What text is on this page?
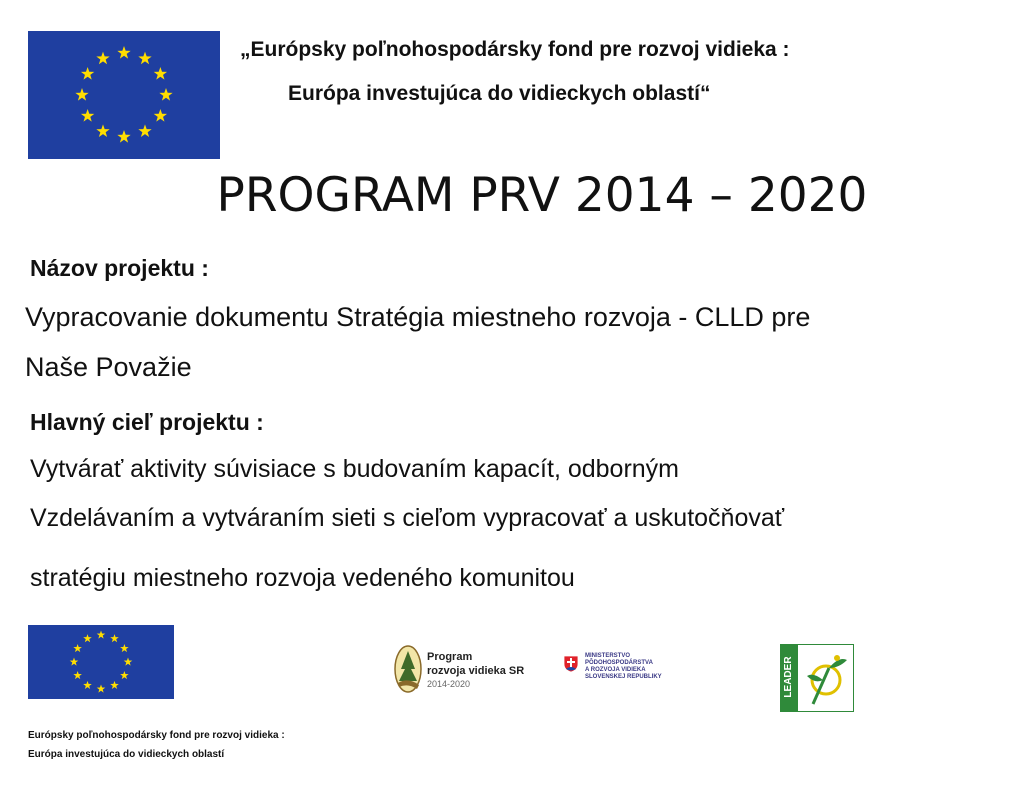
„Európsky poľnohospodársky fond pre rozvoj vidieka :
Európa investujúca do vidieckych oblastí“
PROGRAM PRV 2014 – 2020
Názov projektu :
Vypracovanie dokumentu Stratégia miestneho rozvoja - CLLD pre
Naše Považie
Hlavný cieľ projektu :
Vytvárať aktivity súvisiace s budovaním kapacít, odborným
Vzdelávaním a vytváraním sieti s cieľom vypracovať a uskutočňovať
stratégiu miestneho rozvoja vedeného komunitou
Program
rozvoja vidieka SR
2014-2020
MINISTERSTVO
PÔDOHOSPODÁRSTVA
A ROZVOJA VIDIEKA
SLOVENSKEJ REPUBLIKY	LEADER
Európsky poľnohospodársky fond pre rozvoj vidieka :
Európa investujúca do vidieckych oblastí
